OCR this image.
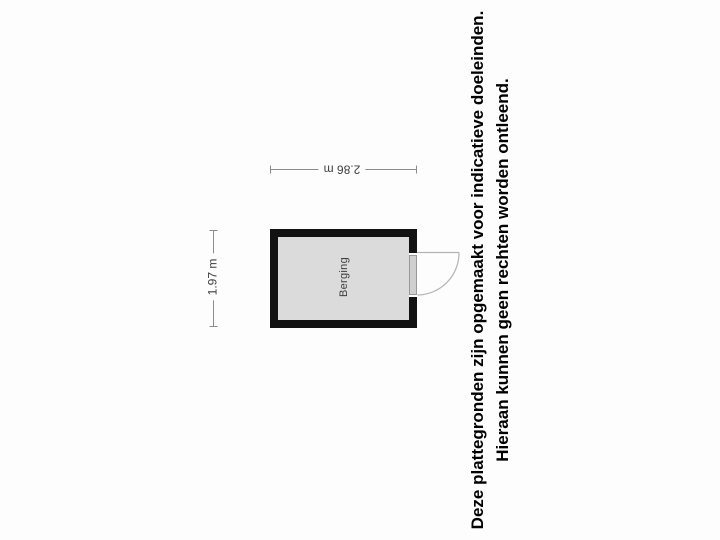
2.86 m
1.97 m	Berging	Deze plattegronden zijn opgemaakt voor indicatieve doeleinden. Hieraan kunnen geen rechten worden ontleend.
